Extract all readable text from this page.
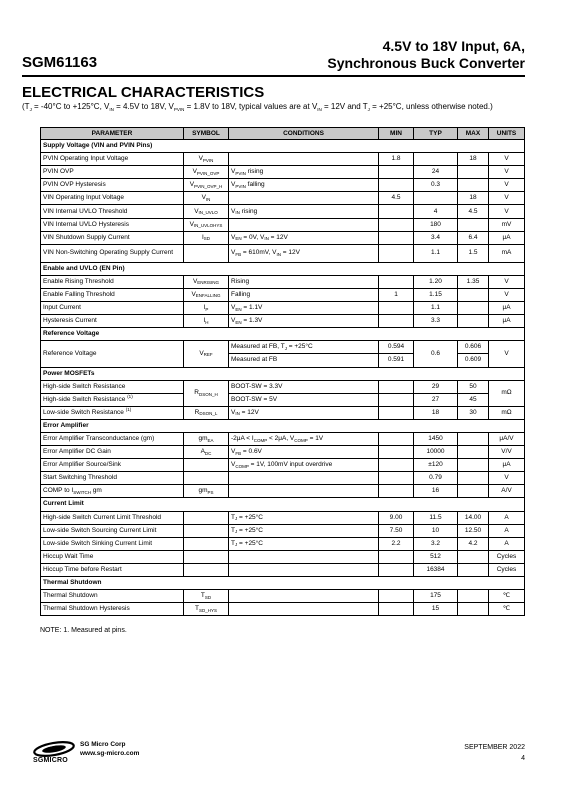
SGM61163
4.5V to 18V Input, 6A,
Synchronous Buck Converter
ELECTRICAL CHARACTERISTICS
($T_J = -40^\circ C$ to +125°C, $V_{IN} = 4.5V$ to 18V, $V_{PVIN} = 1.8V$ to 18V, typical values are at $V_{IN} = 12V$ and $T_J = +25^\circ C$, unless otherwise noted.)
PARAMETER	SYMBOL	CONDITIONS	MIN	TYP	MAX	UNITS
Supply Voltage (VIN and PVIN Pins)						
PVIN Operating Input Voltage	$V_{PVIN}$		1.8		18	V
PVIN OVP	$V_{PVIN\_OVP}$	$V_{PVIN}$ rising		24		V
PVIN OVP Hysteresis	$V_{PVIN\_OVP\_H}$	$V_{PVIN}$ falling		0.3		V
VIN Operating Input Voltage	$V_{IN}$		4.5		18	V
VIN Internal UVLO Threshold	$V_{IN\_UVLO}$	$V_{IN}$ rising		4	4.5	V
VIN Internal UVLO Hysteresis	$V_{IN\_UVLOHYS}$			180		mV
VIN Shutdown Supply Current	$I_{SD}$	$V_{EN} = 0V$, $V_{IN} = 12V$		3.4	6.4	μA
VIN Non-Switching Operating Supply Current		$V_{FB} = 610mV$, $V_{IN} = 12V$		1.1	1.5	mA
Enable and UVLO (EN Pin)						
Enable Rising Threshold	$V_{ENRISING}$	Rising		1.20	1.35	V
Enable Falling Threshold	$V_{ENFALLING}$	Falling	1	1.15		V
Input Current	$I_P$	$V_{EN} = 1.1V$		1.1		μA
Hysteresis Current	$I_H$	$V_{EN} = 1.3V$		3.3		μA
Reference Voltage						
Reference Voltage	$V_{REF}$	Measured at FB, $T_J = +25^\circ C$	0.594	0.6	0.606	V
		Measured at FB	0.591		0.609	
Power MOSFETs						
High-side Switch Resistance	$R_{DSON\_H}$	BOOT-SW = 3.3V		29	50	mΩ
High-side Switch Resistance $^{(1)}$		BOOT-SW = 5V		27	45	
Low-side Switch Resistance $^{(1)}$	$R_{DSON\_L}$	$V_{IN} = 12V$		18	30	mΩ
Error Amplifier						
Error Amplifier Transconductance (gm)	$gm_{EA}$	$-2\mu A < I_{COMP} < 2\mu A$, $V_{COMP} = 1V$		1450		μA/V
Error Amplifier DC Gain	$A_{DC}$	$V_{FB} = 0.6V$		10000		V/V
Error Amplifier Source/Sink		$V_{COMP} = 1V$, 100mV input overdrive		±120		μA
Start Switching Threshold				0.79		V
COMP to $I_{SWITCH}$ gm	$gm_{PS}$			16		A/V
Current Limit						
High-side Switch Current Limit Threshold		$T_J = +25^\circ C$	9.00	11.5	14.00	A
Low-side Switch Sourcing Current Limit		$T_J = +25^\circ C$	7.50	10	12.50	A
Low-side Switch Sinking Current Limit		$T_J = +25^\circ C$	2.2	3.2	4.2	A
Hiccup Wait Time				512		Cycles
Hiccup Time before Restart				16384		Cycles
Thermal Shutdown						
Thermal Shutdown	$T_{SD}$			175		℃
Thermal Shutdown Hysteresis	$T_{SD\_HYS}$			15		℃
NOTE: 1. Measured at pins.
SG Micro Corp
www.sg-micro.com
SGMICRO
SEPTEMBER 2022
4
